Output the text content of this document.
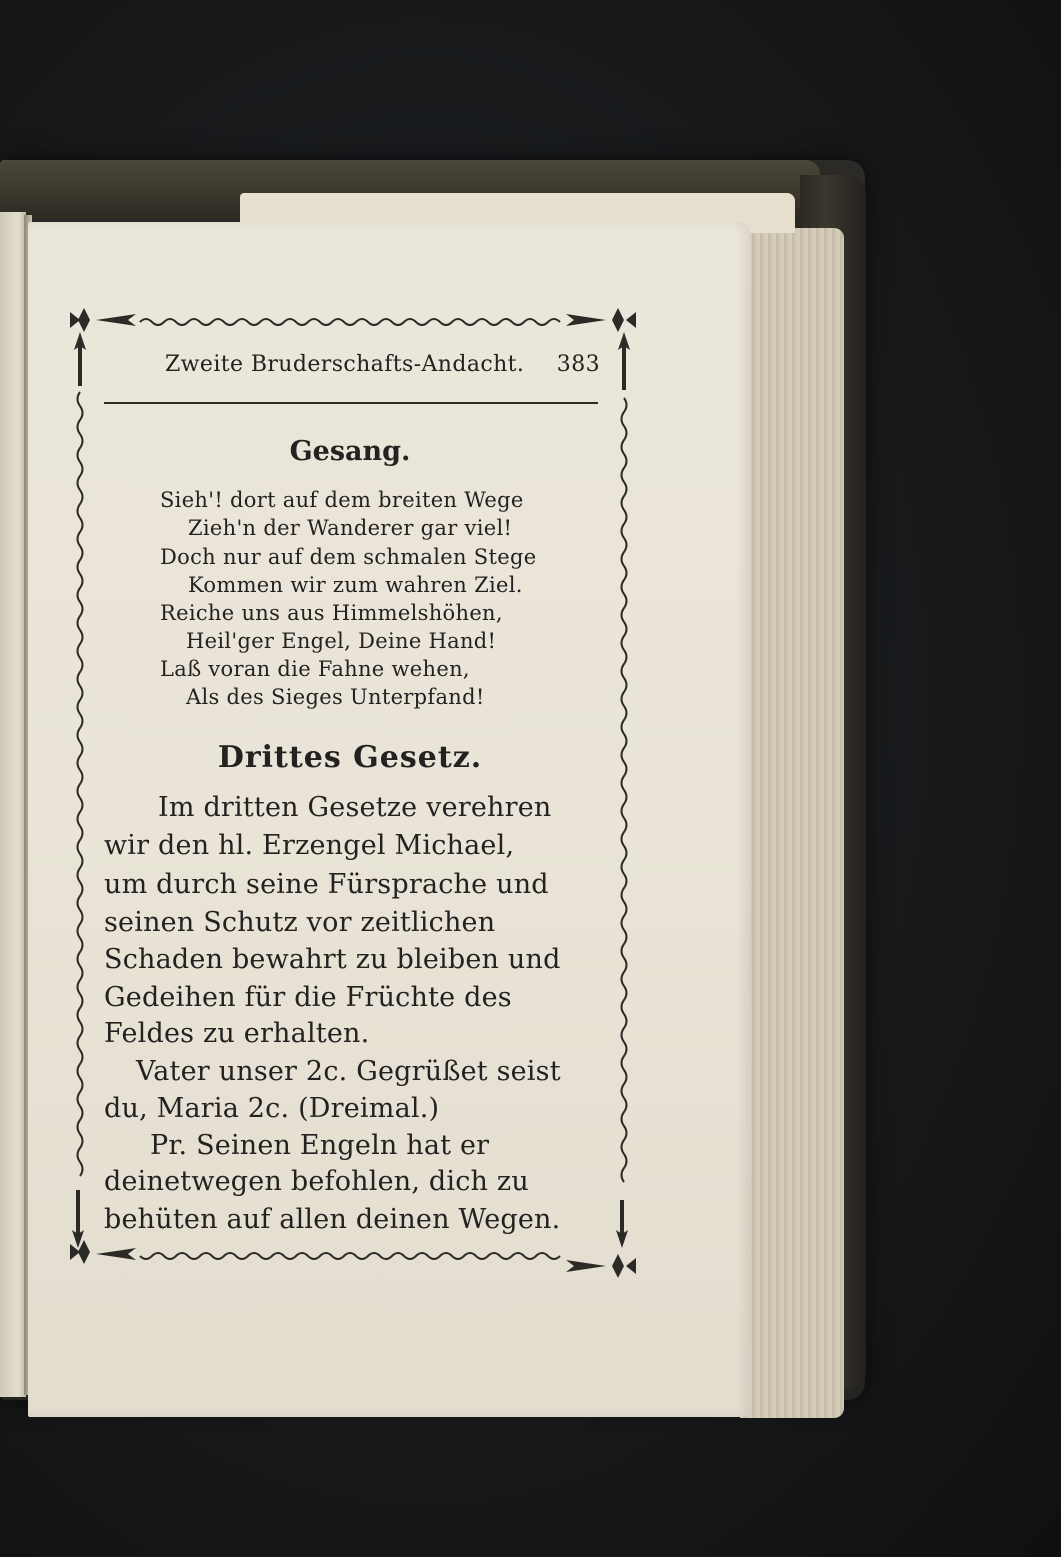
Zweite Bruderschafts-Andacht. 383
Gesang.
Sieh'! dort auf dem breiten Wege
Zieh'n der Wanderer gar viel!
Doch nur auf dem schmalen Stege
Kommen wir zum wahren Ziel.
Reiche uns aus Himmelshöhen,
Heil'ger Engel, Deine Hand!
Laß voran die Fahne wehen,
Als des Sieges Unterpfand!
Drittes Gesetz.
Im dritten Gesetze verehren
wir den hl. Erzengel Michael,
um durch seine Fürsprache und
seinen Schutz vor zeitlichen
Schaden bewahrt zu bleiben und
Gedeihen für die Früchte des
Feldes zu erhalten.
Vater unser 2c. Gegrüßet seist
du, Maria 2c. (Dreimal.)
Pr. Seinen Engeln hat er
deinetwegen befohlen, dich zu
behüten auf allen deinen Wegen.
